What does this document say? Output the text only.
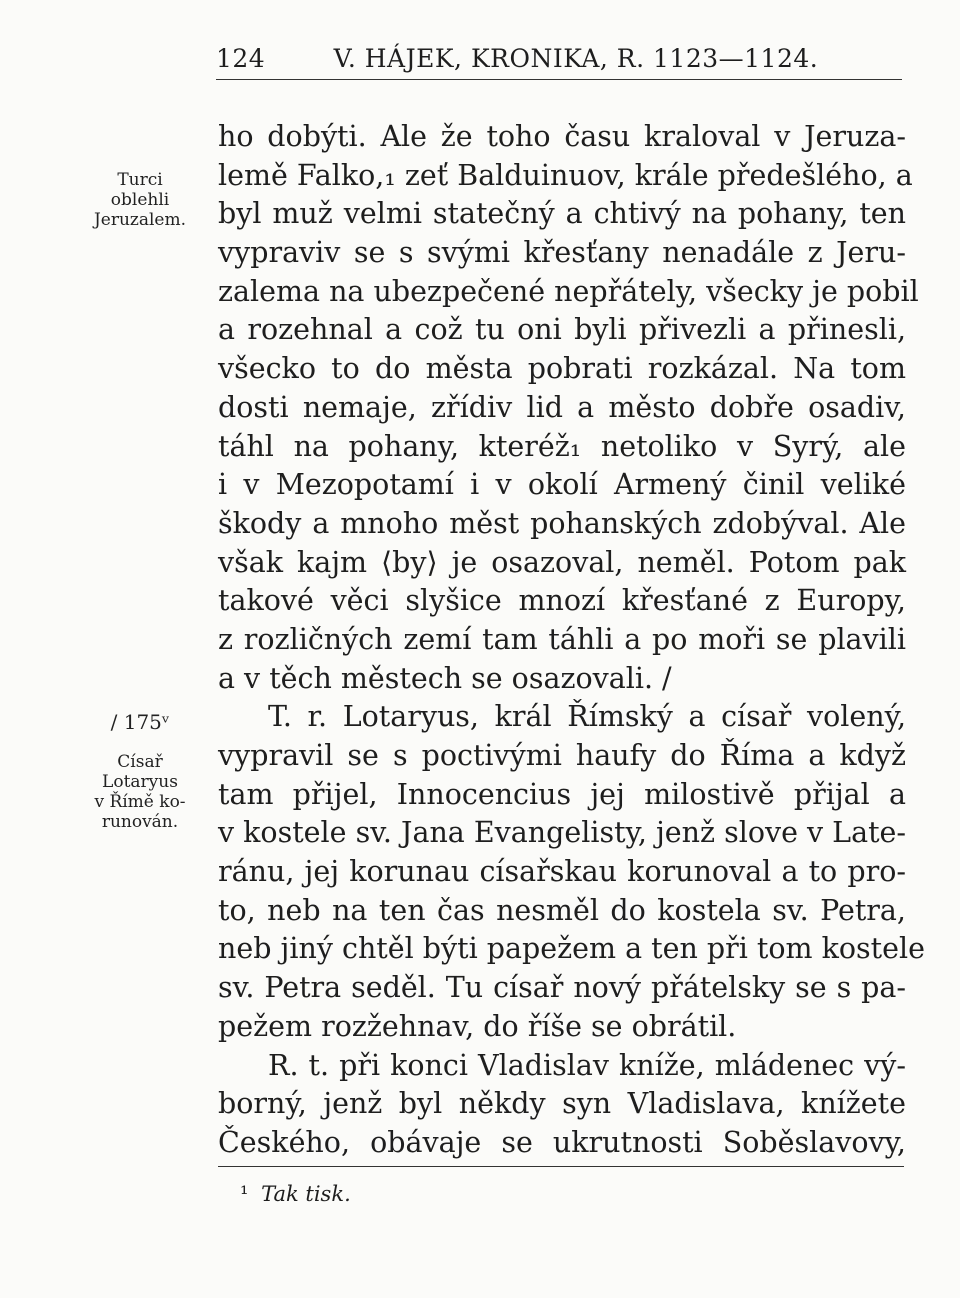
124	V. HÁJEK, KRONIKA, R. 1123—1124.
Turci
oblehli
Jeruzalem.
/ 175ᵛ
Císař
Lotaryus
v Římě ko-
runován.
ho dobýti. Ale že toho času kraloval v Jeruza-
lemě Falko,₁ zeť Balduinuov, krále předešlého, a
byl muž velmi statečný a chtivý na pohany, ten
vypraviv se s svými křesťany nenadále z Jeru-
zalema na ubezpečené nepřátely, všecky je pobil
a rozehnal a což tu oni byli přivezli a přinesli,
všecko to do města pobrati rozkázal. Na tom
dosti nemaje, zřídiv lid a město dobře osadiv,
táhl na pohany, kteréž₁ netoliko v Syrý, ale
i v Mezopotamí i v okolí Armený činil veliké
škody a mnoho měst pohanských zdobýval. Ale
však kajm ⟨by⟩ je osazoval, neměl. Potom pak
takové věci slyšice mnozí křesťané z Europy,
z rozličných zemí tam táhli a po moři se plavili
a v těch městech se osazovali. /
T. r. Lotaryus, král Římský a císař volený,
vypravil se s poctivými haufy do Říma a když
tam přijel, Innocencius jej milostivě přijal a
v kostele sv. Jana Evangelisty, jenž slove v Late-
ránu, jej korunau císařskau korunoval a to pro-
to, neb na ten čas nesměl do kostela sv. Petra,
neb jiný chtěl býti papežem a ten při tom kostele
sv. Petra seděl. Tu císař nový přátelsky se s pa-
pežem rozžehnav, do říše se obrátil.
R. t. při konci Vladislav kníže, mládenec vý-
borný, jenž byl někdy syn Vladislava, knížete
Českého, obávaje se ukrutnosti Soběslavovy,
¹ Tak tisk.
